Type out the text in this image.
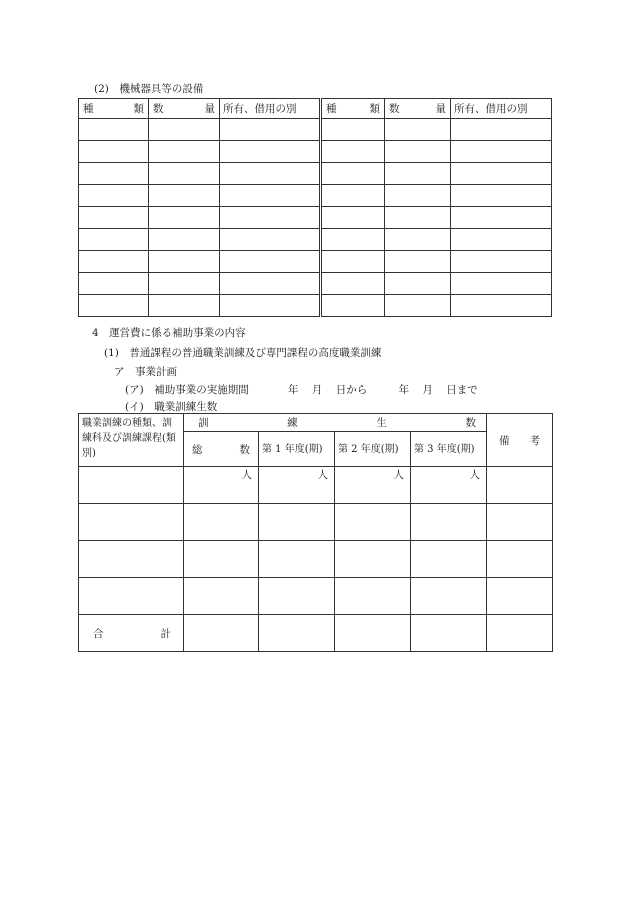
(2)　機械器具等の設備
種 類	数 量	所有、借用の別	種 類	数 量	所有、借用の別

4　運営費に係る補助事業の内容
(1)　普通課程の普通職業訓練及び専門課程の高度職業訓練
ア　事業計画
(ア)　補助事業の実施期間	年 月 日から	年 月 日まで
(イ)　職業訓練生数
職業訓練の種類、訓練科及び訓練課程(類別)	訓 練 生 数				備 考

	総 数	第 1 年度(期)	第 2 年度(期)	第 3 年度(期)	
	人	人	人	人	

合 計					
